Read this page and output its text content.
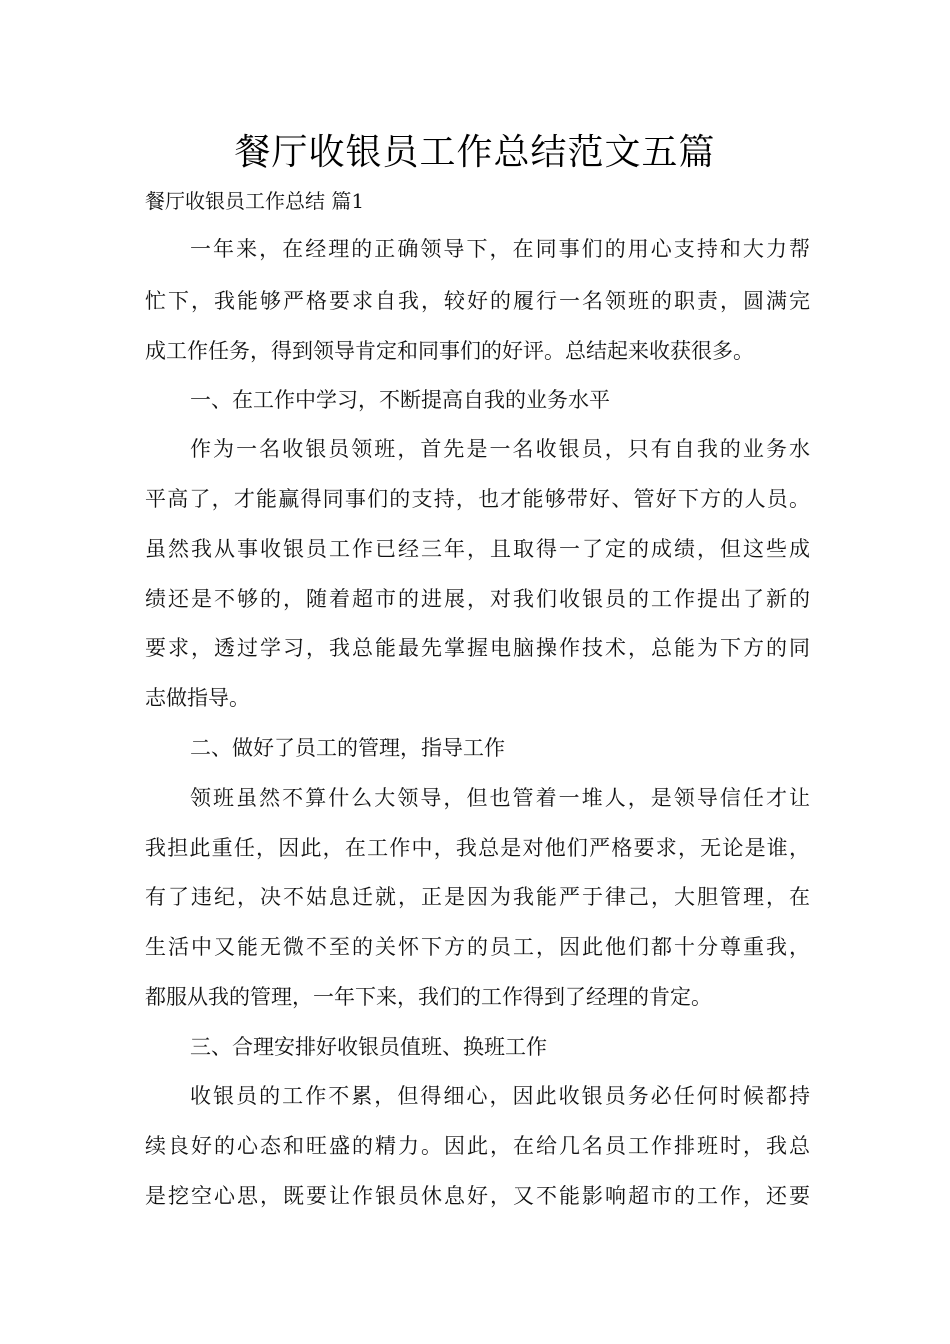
餐厅收银员工作总结范文五篇
餐厅收银员工作总结 篇1
一年来，在经理的正确领导下，在同事们的用心支持和大力帮
忙下，我能够严格要求自我，较好的履行一名领班的职责，圆满完
成工作任务，得到领导肯定和同事们的好评。总结起来收获很多。
一、在工作中学习，不断提高自我的业务水平
作为一名收银员领班，首先是一名收银员，只有自我的业务水
平高了，才能赢得同事们的支持，也才能够带好、管好下方的人员。
虽然我从事收银员工作已经三年，且取得一了定的成绩，但这些成
绩还是不够的，随着超市的进展，对我们收银员的工作提出了新的
要求，透过学习，我总能最先掌握电脑操作技术，总能为下方的同
志做指导。
二、做好了员工的管理，指导工作
领班虽然不算什么大领导，但也管着一堆人，是领导信任才让
我担此重任，因此，在工作中，我总是对他们严格要求，无论是谁，
有了违纪，决不姑息迁就，正是因为我能严于律己，大胆管理，在
生活中又能无微不至的关怀下方的员工，因此他们都十分尊重我，
都服从我的管理，一年下来，我们的工作得到了经理的肯定。
三、合理安排好收银员值班、换班工作
收银员的工作不累，但得细心，因此收银员务必任何时候都持
续良好的心态和旺盛的精力。因此，在给几名员工作排班时，我总
是挖空心思，既要让作银员休息好，又不能影响超市的工作，还要
